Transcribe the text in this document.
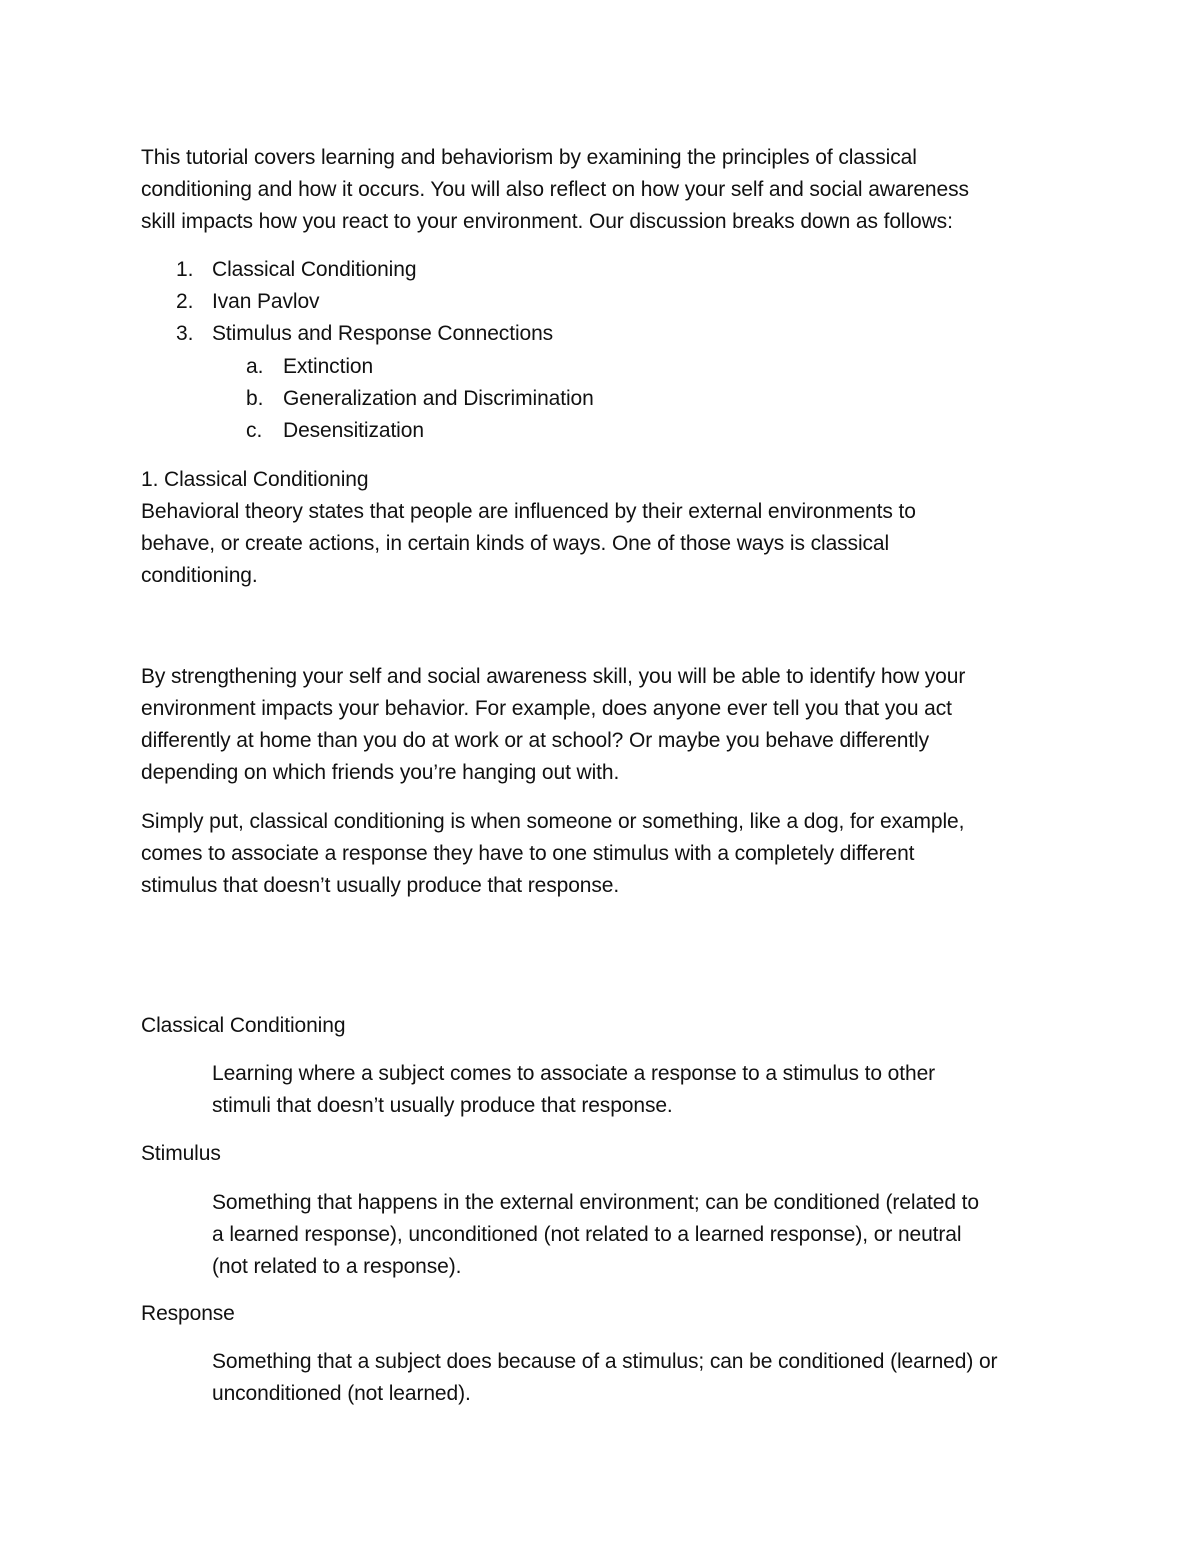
This tutorial covers learning and behaviorism by examining the principles of classical
conditioning and how it occurs. You will also reflect on how your self and social awareness
skill impacts how you react to your environment. Our discussion breaks down as follows:
1. Classical Conditioning
2. Ivan Pavlov
3. Stimulus and Response Connections
a. Extinction
b. Generalization and Discrimination
c. Desensitization
1. Classical Conditioning
Behavioral theory states that people are influenced by their external environments to
behave, or create actions, in certain kinds of ways. One of those ways is classical
conditioning.
By strengthening your self and social awareness skill, you will be able to identify how your
environment impacts your behavior. For example, does anyone ever tell you that you act
differently at home than you do at work or at school? Or maybe you behave differently
depending on which friends you’re hanging out with.
Simply put, classical conditioning is when someone or something, like a dog, for example,
comes to associate a response they have to one stimulus with a completely different
stimulus that doesn’t usually produce that response.
Classical Conditioning
Learning where a subject comes to associate a response to a stimulus to other
stimuli that doesn’t usually produce that response.
Stimulus
Something that happens in the external environment; can be conditioned (related to
a learned response), unconditioned (not related to a learned response), or neutral
(not related to a response).
Response
Something that a subject does because of a stimulus; can be conditioned (learned) or
unconditioned (not learned).
